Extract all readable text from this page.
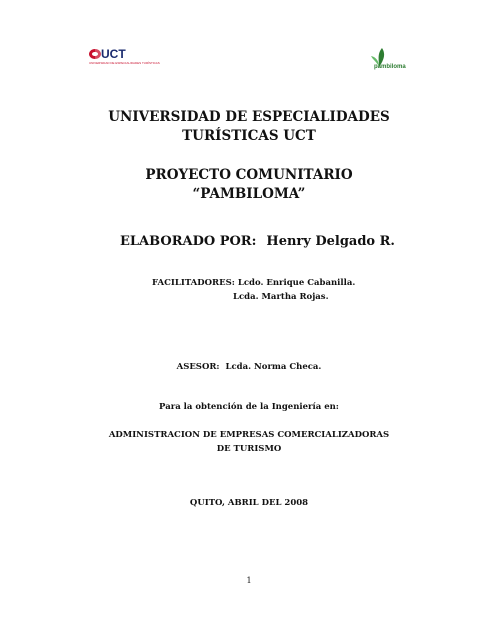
UCT
UNIVERSIDAD DE ESPECIALIDADES TURÍSTICAS
pambiloma
UNIVERSIDAD DE ESPECIALIDADES
TURÍSTICAS UCT
PROYECTO COMUNITARIO
“PAMBILOMA”
ELABORADO POR: Henry Delgado R.
FACILITADORES: Lcdo. Enrique Cabanilla.
Lcda. Martha Rojas.
ASESOR: Lcda. Norma Checa.
Para la obtención de la Ingeniería en:
ADMINISTRACION DE EMPRESAS COMERCIALIZADORAS
DE TURISMO
QUITO, ABRIL DEL 2008
1
